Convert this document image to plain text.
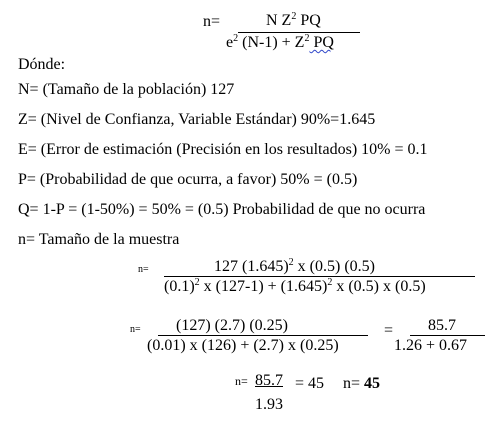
n=	N $Z^2$ PQ
$e^2$ $(N-1) + Z^2$ PQ
Dónde:
N= (Tamaño de la población) 127
Z= (Nivel de Confianza, Variable Estándar) 90%=1.645
E= (Error de estimación (Precisión en los resultados) 10% = 0.1
P= (Probabilidad de que ocurra, a favor) 50% = (0.5)
Q= 1-P = (1-50%) = 50% = (0.5) Probabilidad de que no ocurra
n= Tamaño de la muestra
n=	127 $(1.645)^2$ x (0.5) (0.5)
$(0.1)^2$ x $(127-1) + (1.645)^2$ x (0.5) x (0.5)
n= (127) (2.7) (0.25)
(0.01) x (126) + (2.7) x (0.25)
= 85.7
1.26 + 0.67
n= 85.7
1.93
= 45 n= 45
